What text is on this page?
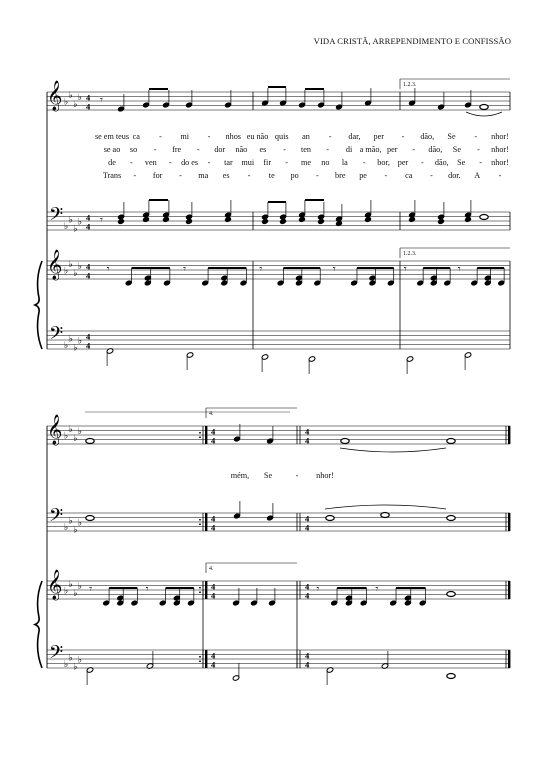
VIDA CRISTÃ, ARREPENDIMENTO E CONFISSÃO
𝄞 ♭
♭
♭
♭ 4
4
𝄢 ♭
♭
♭
♭ 4
4
𝄞 ♭
♭
♭
♭ 4
4
𝄢 ♭
♭
♭
♭ 4
4
𝄞 ♭
♭
♭
♭
𝄢 ♭
♭
♭
♭
𝄞 ♭
♭
♭
♭
𝄢 ♭
♭
♭
♭
4
4
4
4
4
4
4
4
4
4
4
4
4
4
4
4
𝄾
𝄾
𝄾	𝄾	𝄾	𝄾	𝄾	𝄾
𝄾	𝄾	𝄾	𝄾
1.2.3.
1.2.3.
4.
4.
se em teus ca - mi - nhos eu não quis an - dar, per - dão, Se - nhor!
se ao so - fre - dor não es - ten - di a mão, per - dão, Se - nhor!
de - ven - do es - tar mui fir - me no la - bor, per - dão, Se - nhor!
Trans - for - ma es - te po - bre pe - ca - dor. A -
mém, Se	- nhor!
